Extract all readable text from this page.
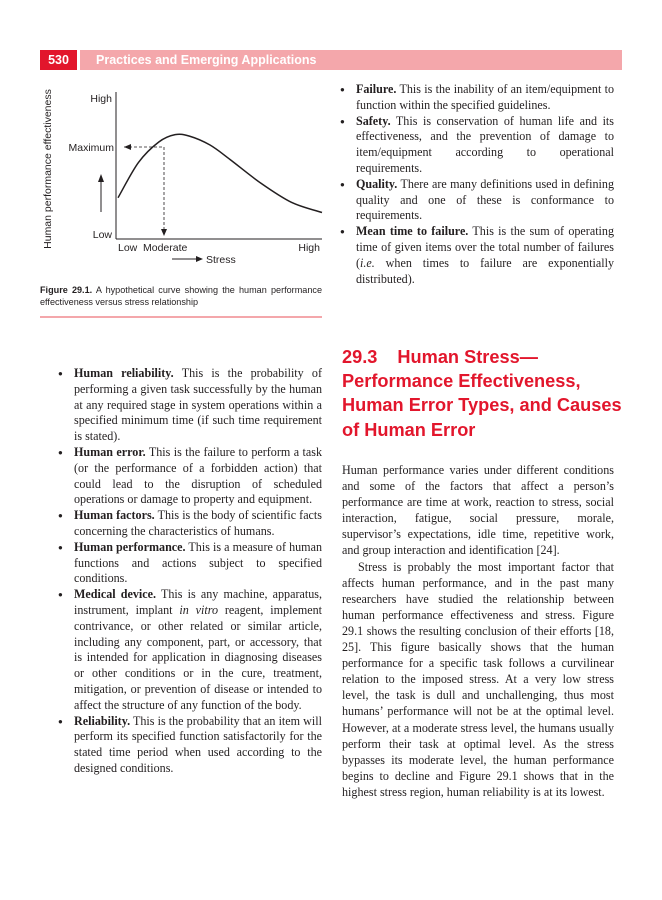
530	Practices and Emerging Applications
Human performance effectiveness	High
Maximum
Low
Low Moderate	High
Stress
Figure 29.1. A hypothetical curve showing the human performance effectiveness versus stress relationship
● Human reliability. This is the probability of performing a given task successfully by the human at any required stage in system operations within a specified minimum time (if such time requirement is stated).
● Human error. This is the failure to perform a task (or the performance of a forbidden action) that could lead to the disruption of scheduled operations or damage to property and equipment.
● Human factors. This is the body of scientific facts concerning the characteristics of humans.
● Human performance. This is a measure of human functions and actions subject to specified conditions.
● Medical device. This is any machine, apparatus, instrument, implant in vitro reagent, implement contrivance, or other related or similar article, including any component, part, or accessory, that is intended for application in diagnosing diseases or other conditions or in the cure, treatment, mitigation, or prevention of disease or intended to affect the structure of any function of the body.
● Reliability. This is the probability that an item will perform its specified function satisfactorily for the stated time period when used according to the designed conditions.
● Failure. This is the inability of an item/equipment to function within the specified guidelines.
● Safety. This is conservation of human life and its effectiveness, and the prevention of damage to item/equipment according to operational requirements.
● Quality. There are many definitions used in defining quality and one of these is conformance to requirements.
● Mean time to failure. This is the sum of operating time of given items over the total number of failures (i.e. when times to failure are exponentially distributed).
29.3 Human Stress—Performance Effectiveness, Human Error Types, and Causes of Human Error

Human performance varies under different conditions and some of the factors that affect a person’s performance are time at work, reaction to stress, social interaction, fatigue, social pressure, morale, supervisor’s expectations, idle time, repetitive work, and group interaction and identification [24].

Stress is probably the most important factor that affects human performance, and in the past many researchers have studied the relationship between human performance effectiveness and stress. Figure 29.1 shows the resulting conclusion of their efforts [18, 25]. This figure basically shows that the human performance for a specific task follows a curvilinear relation to the imposed stress. At a very low stress level, the task is dull and unchallenging, thus most humans’ performance will not be at the optimal level. However, at a moderate stress level, the humans usually perform their task at optimal level. As the stress bypasses its moderate level, the human performance begins to decline and Figure 29.1 shows that in the highest stress region, human reliability is at its lowest.
